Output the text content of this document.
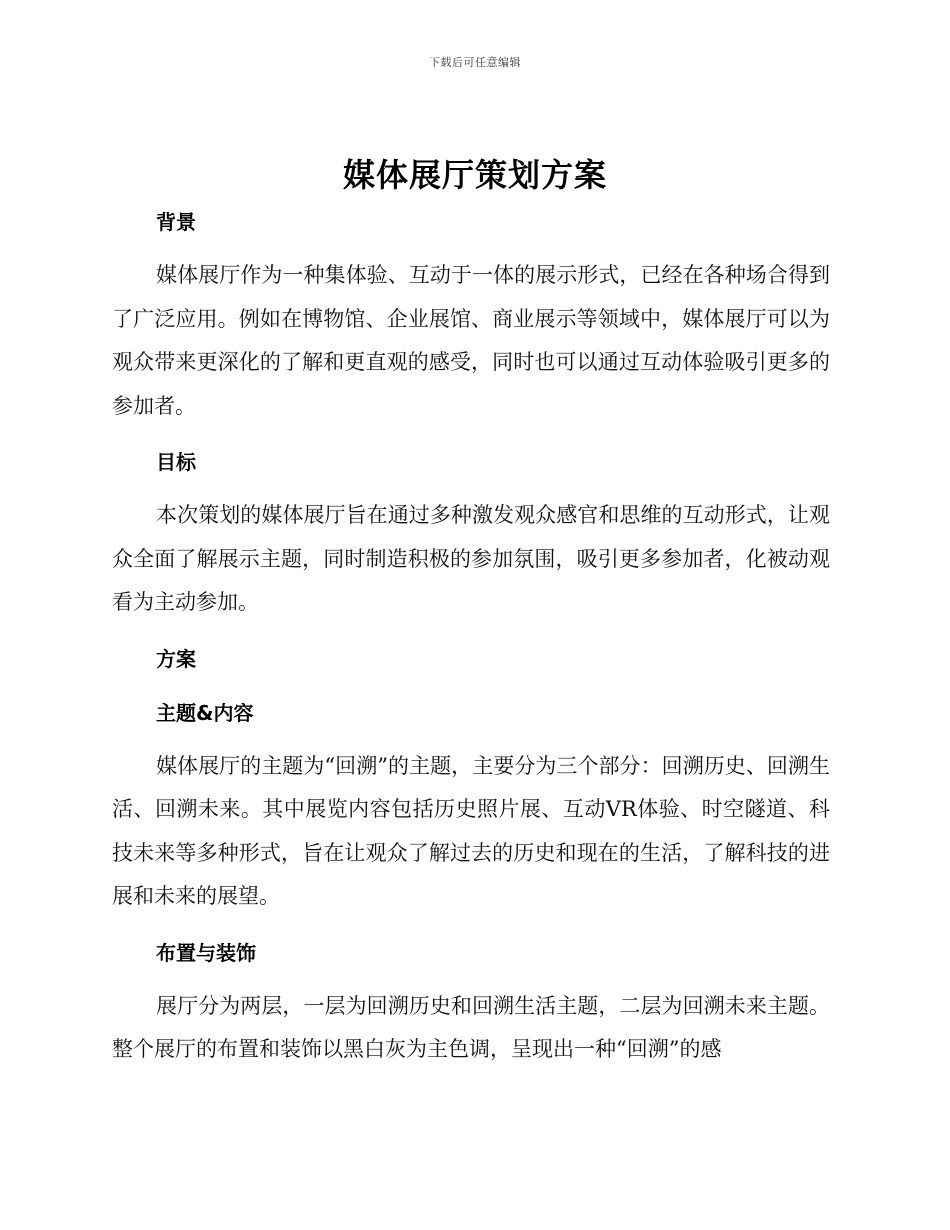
下载后可任意编辑
媒体展厅策划方案
背景

媒体展厅作为一种集体验、互动于一体的展示形式，已经在各种场合得到了广泛应用。例如在博物馆、企业展馆、商业展示等领域中，媒体展厅可以为观众带来更深化的了解和更直观的感受，同时也可以通过互动体验吸引更多的参加者。

目标

本次策划的媒体展厅旨在通过多种激发观众感官和思维的互动形式，让观众全面了解展示主题，同时制造积极的参加氛围，吸引更多参加者，化被动观看为主动参加。

方案
主题&内容

媒体展厅的主题为“回溯”的主题，主要分为三个部分：回溯历史、回溯生活、回溯未来。其中展览内容包括历史照片展、互动VR体验、时空隧道、科技未来等多种形式，旨在让观众了解过去的历史和现在的生活，了解科技的进展和未来的展望。

布置与装饰

展厅分为两层，一层为回溯历史和回溯生活主题，二层为回溯未来主题。整个展厅的布置和装饰以黑白灰为主色调，呈现出一种“回溯”的感
